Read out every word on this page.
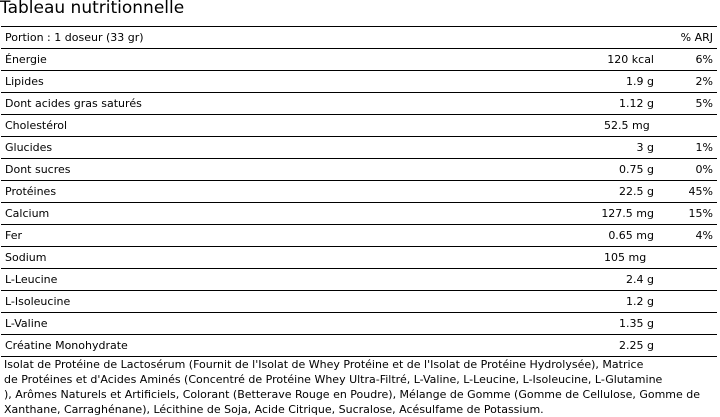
Tableau nutritionnelle
Portion : 1 doseur (33 gr)	% ARJ
Énergie	120 kcal	6%
Lipides	1.9 g	2%
Dont acides gras saturés	1.12 g	5%
Cholestérol	52.5 mg
Glucides	3 g	1%
Dont sucres	0.75 g	0%
Protéines	22.5 g	45%
Calcium	127.5 mg	15%
Fer	0.65 mg	4%
Sodium	105 mg
L-Leucine	2.4 g
L-Isoleucine	1.2 g
L-Valine	1.35 g
Créatine Monohydrate	2.25 g
Isolat de Protéine de Lactosérum (Fournit de l'Isolat de Whey Protéine et de l'Isolat de Protéine Hydrolysée), Matrice
de Protéines et d'Acides Aminés (Concentré de Protéine Whey Ultra-Filtré, L-Valine, L-Leucine, L-Isoleucine, L-Glutamine
), Arômes Naturels et Artificiels, Colorant (Betterave Rouge en Poudre), Mélange de Gomme (Gomme de Cellulose, Gomme de
Xanthane, Carraghénane), Lécithine de Soja, Acide Citrique, Sucralose, Acésulfame de Potassium.
